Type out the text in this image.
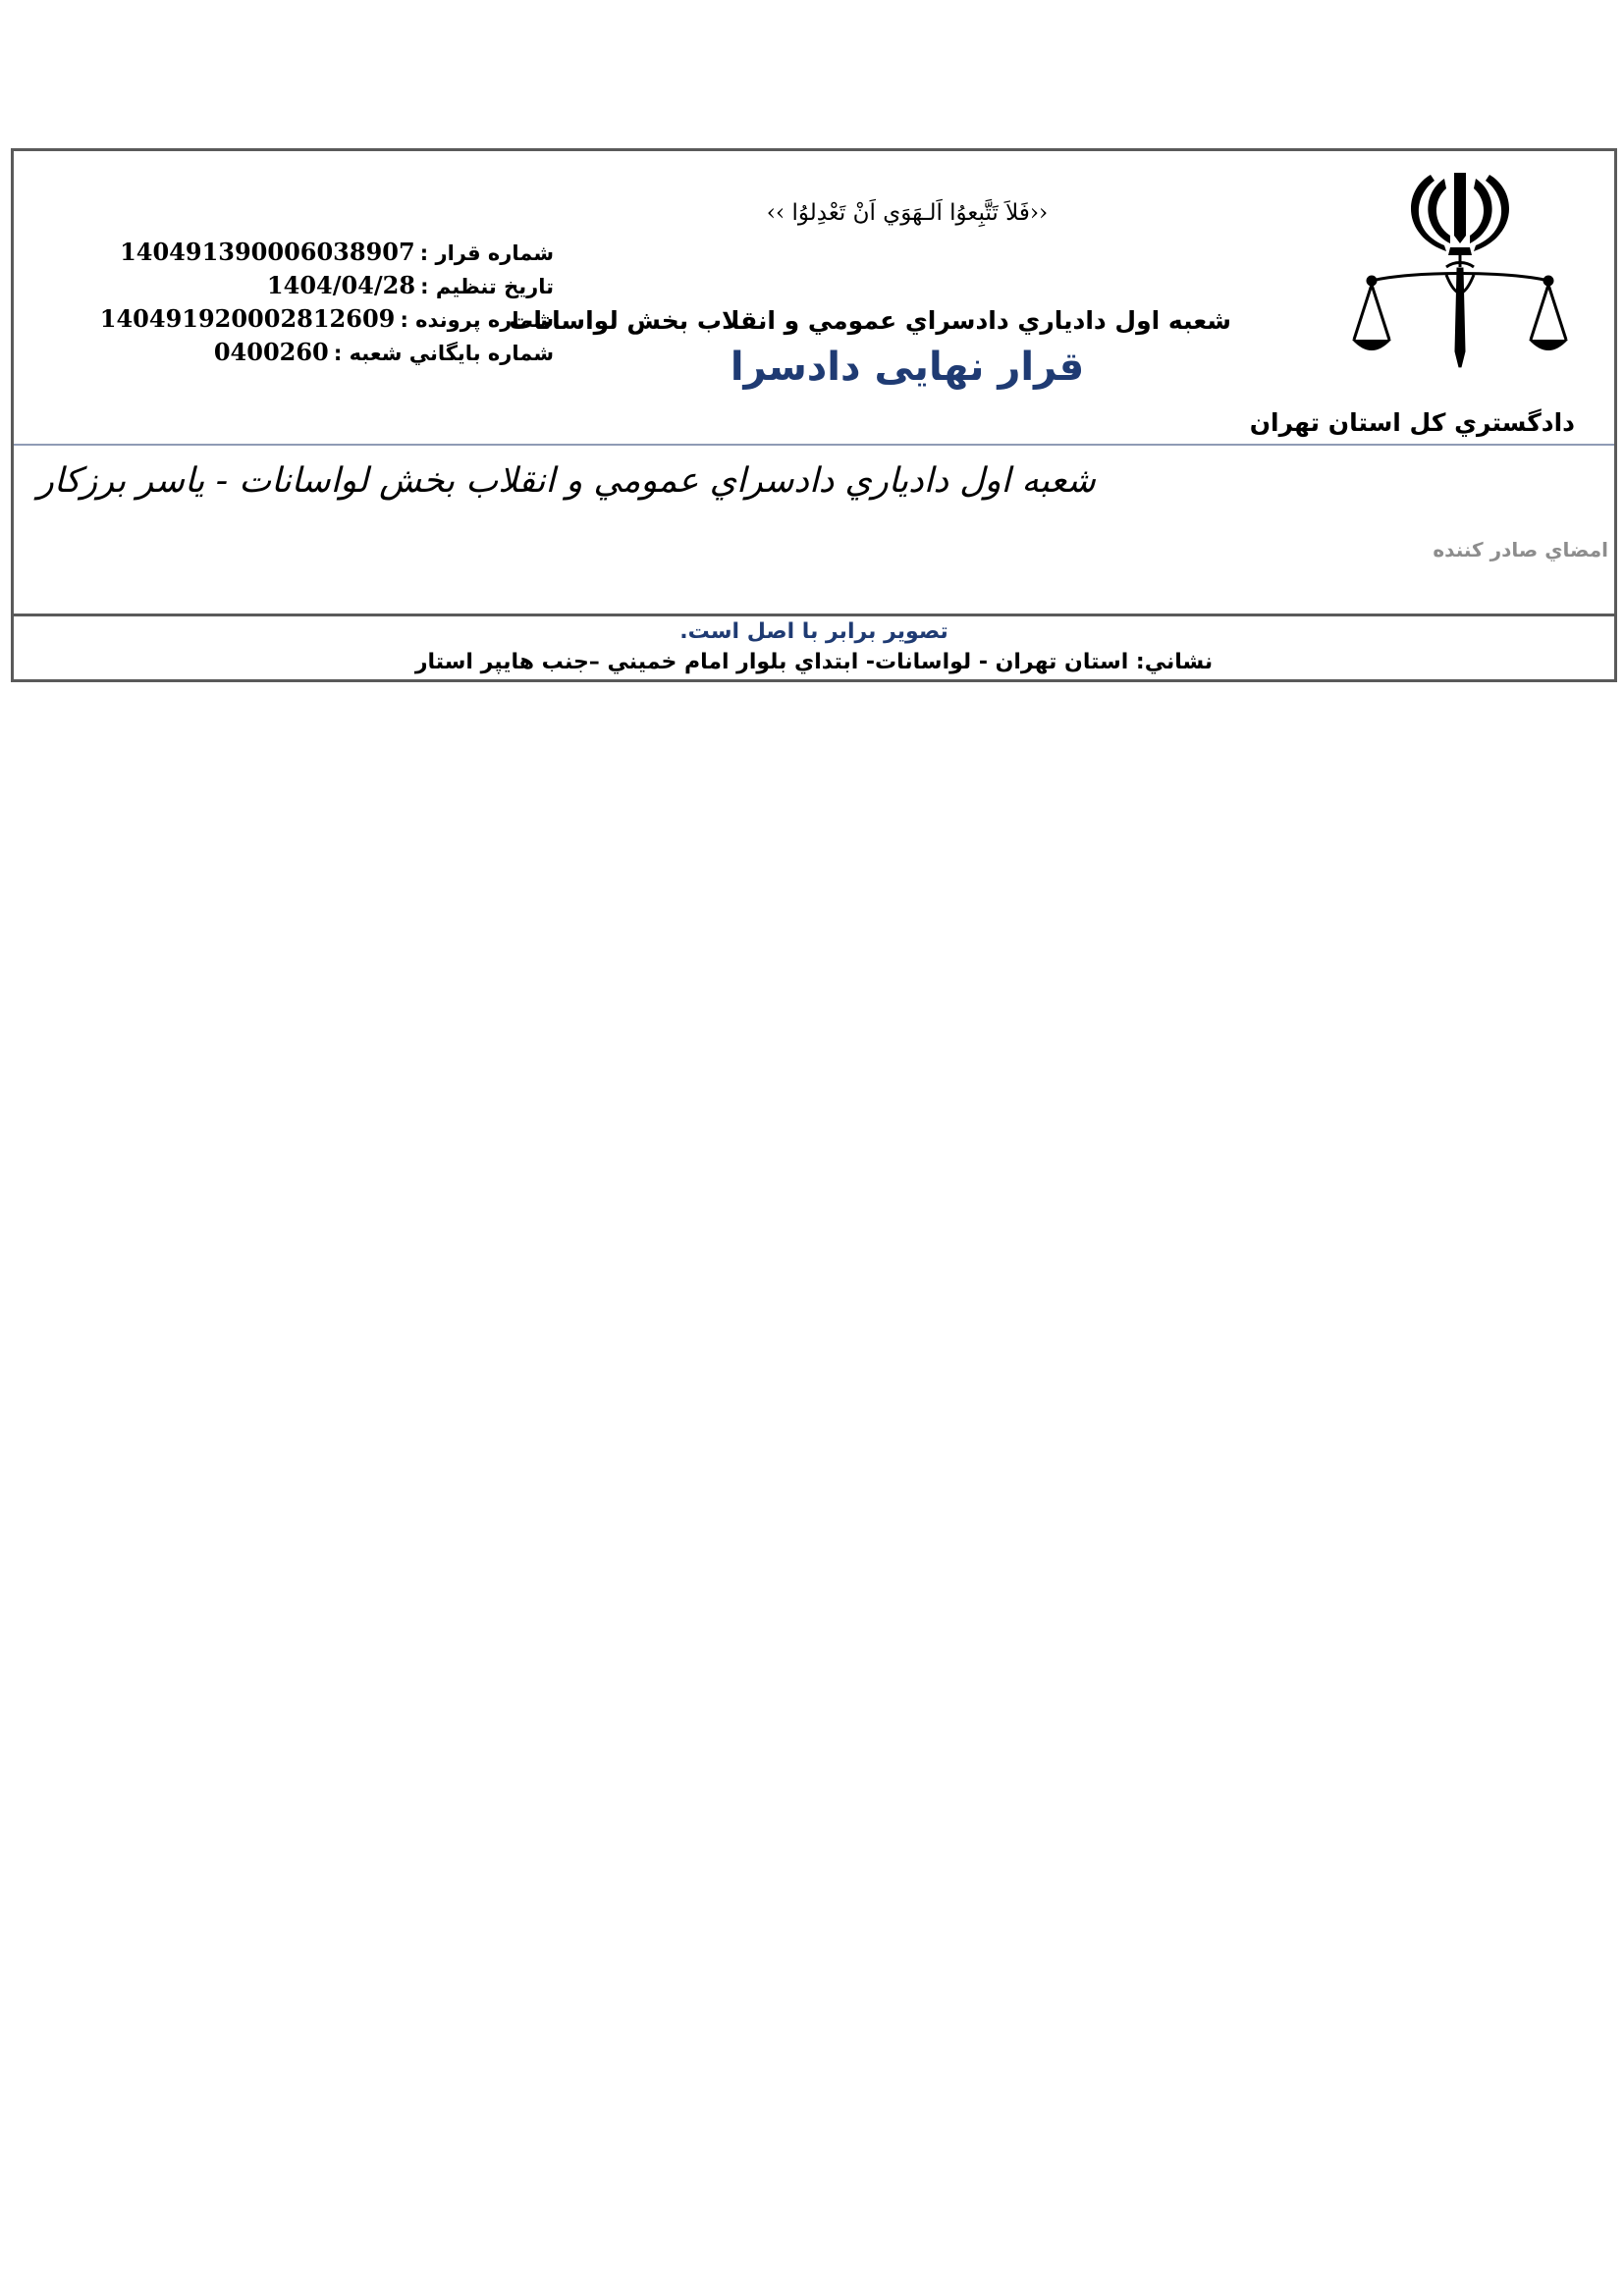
دادگستري كل استان تهران
‹‹فَلاَ تَتَّبِعوُا اَلـهَوَي اَنْ تَعْدِلوُا ››
شعبه اول دادياري دادسراي عمومي و انقلاب بخش لواسانات
قرار نهايى دادسرا
شماره قرار : 140491390006038907
تاريخ تنظيم : 1404/04/28
شماره پرونده : 140491920002812609
شماره بايگاني شعبه : 0400260
شعبه اول دادياري دادسراي عمومي و انقلاب بخش لواسانات - ياسر برزكار
امضاي صادر كننده
تصوير برابر با اصل است.
نشاني: استان تهران - لواسانات- ابتداي بلوار امام خميني –جنب هايپر استار
